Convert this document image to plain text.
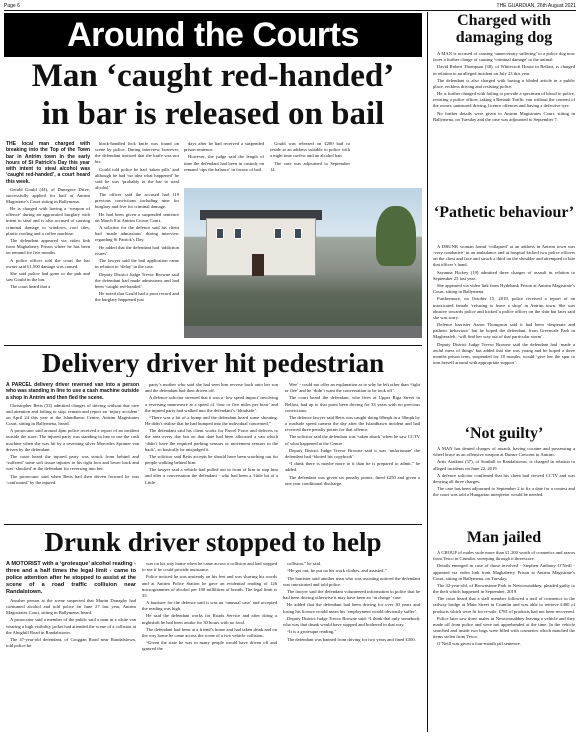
Page 6	THE GUARDIAN, 26th August 2021
Around the Courts
Man ‘caught red-handed’
in bar is released on bail
THE local man charged with breaking into the Top of the Town bar in Antrim town in the early hours of St Patrick’s Day this year with intent to steal alcohol was ‘caught red-handed’, a court heard this week.

Gerald Gould (44), of Dunegore Drive, successfully applied for bail at Antrim Magistrate’s Court sitting in Ballymena.

He is charged with having a ‘weapon of offence’ during an aggravated burglary with intent to steal and is also accused of causing criminal damage to windows, roof tiles, plastic roofing and a coffee machine.

The defendant appeared via video link from Maghaberry Prison where he has been on remand for five months.

A police officer told the court the bar owner said £1,500 damage was caused.

She said police had gone to the pub and saw Gould in the bar.

The court heard that a

black-handled lock knife was found on scene by police. During interview, however, the defendant insisted that the knife was not his.

Gould told police he had ‘taken pills’ and although he had ‘no idea what happened’ he said he was ‘probably in the bar to steal alcohol’.

The officer said the accused had 119 previous convictions including nine for burglary and five for criminal damage.

He had been given a suspended sentence on March 8 at Antrim Crown Court.

A solicitor for the defence said his client had ‘made admissions’ during interview regarding St Patrick’s Day.

He added that the defendant had ‘addiction issues’.

The lawyer said the bail application came in relation to ‘delay’ in the case.

Deputy District Judge Trevor Browne said the defendant had made admissions and had been ‘caught red-handed’.

He noted that Gould had a poor record and the burglary happened just

days after he had received a suspended prison sentence.

However, the judge said the length of time the defendant had been in custody on remand ‘tips the balance’ in favour of bail.

Gould was released on £200 bail to reside at an address suitable to police with a night time curfew and an alcohol ban.

The case was adjourned to September 14.

Delivery driver hit pedestrian
A PARCEL delivery driver reversed van into a person who was standing in line to use a cash machine outside a shop in Antrim and then fled the scene.

Christopher Betts (53) admitted charges of driving without due care and attention and failing to stop, remain and report an ‘injury accident’ on April 24 this year at the Islandbawn Centre, Antrim Magistrates Court, sitting in Ballymena, heard.

A prosecutor said around 4pm police received a report of an incident outside the store. The injured party was standing in line to use the cash machine when she was hit by a reversing silver Mercedes Sprinter van driven by the defendant.

The court heard the injured party was struck from behind and ‘suffered’ some soft tissue injuries to his right foot and lower back and was ‘shocked’ at the defendant for reversing into her.

The prosecutor said when Betts had then driven forward he was ‘confronted’ by the injured

party’s mother who said she had seen him reverse back onto her son and the defendant had then driven off.

A defence solicitor stressed that it was a ‘low speed impact’ involving a reversing manoeuvre at a speed of ‘four or five miles per hour’ and the injured party had walked into the defendant’s ‘blindside’.

“There was a bit of a bump and the defendant heard some shouting. He didn’t realise that he had bumped into the individual concerned.”

The defendant said his client works for Parcel Force and delivers to the area every day but on that date had been allocated a van which ‘didn’t have the required parking sensors or movement sensors in the back’, so basically he misjudged it.

The solicitor said Betts accepts he should have been watching out for people walking behind him.

The lawyer said a vehicle had pulled out in front of him to stop him and after a conversation the defendant - who had been a ‘little bit of a Little

Wee’ - could not offer an explanation as to why he left other than ‘fight or flee’ and he ‘didn’t want the conversation to be took off’.

The court heard the defendant, who lives at Upper Riga Street in Belfast, had up to that point been driving for 33 years with no previous convictions.

The defence lawyer said Betts was caught doing 60mph in a 30mph by a roadside speed camera the day after the Islandbawn incident and had received three penalty points for that offence.

The solicitor said the defendant was ‘taken aback’ when he saw CCTV of what happened at the Centre.

Deputy District Judge Trevor Browne said it was ‘unfortunate’ the defendant had ‘blotted his copybook’.

“I think there is maybe more to it than he is prepared to admit,” he added.

The defendant was given six penalty points, fined £250 and given a one year conditional discharge.

Drunk driver stopped to help
A MOTORIST with a ‘grotesque’ alcohol reading - three and a half times the legal limit - came to police attention after he stopped to assist at the scene of a road traffic collision near Randalstown.

Another person at the scene suspected that Martin Donaghy had consumed alcohol and told police on June 27 last year, Antrim Magistrates Court, sitting in Ballymena, heard.

A prosecutor said a member of the public said a man in a white van wearing a high visibility jacket had attended the scene of a collision at the Ahoghill Road in Randalstown.

The 47-year-old defendant, of Groggan Road near Randalstown, told police he

was on his way home when he came across a collision and had stopped to see if he could provide assistance.

Police noticed he was unsteady on his feet and was slurring his words and at Antrim Police Station he gave an evidential reading of 126 microgrammes of alcohol per 100 millilitres of breath. The legal limit is 35.

A barrister for the defence said it was an ‘unusual case’ and accepted the reading was high.

He said the defendant works for Roads Service and after doing a nightshift he had been awake for 30 hours with no food.

The defendant had been at a friend’s home and had taken drink and on the way home he came across the scene of a two vehicle collision.

“Given the state he was in many people would have driven off and ignored the

collision,” he said.

“He got out, he put on his work clothes, and assisted.”

The barrister said another man who was assisting noticed the defendant was intoxicated and told police.

The lawyer said the defendant volunteered information to police that he had been driving otherwise it may have been an ‘in charge’ case.

He added that the defendant had been driving for over 30 years and losing his licence would mean his ‘employment would obviously suffer’.

Deputy District Judge Trevor Browne said: “I think that only somebody who was that drunk would have stopped and bothered in that way.

“It is a grotesque reading.”

The defendant was banned from driving for two years and fined £300.

Charged with damaging dog

A MAN is accused of causing ‘unnecessary suffering’ to a police dog now faces a further charge of causing ‘criminal damage’ to the animal.

David Robert Thompson (38), of Whitecroft House in Belfast, is charged in relation to an alleged incident on July 23 this year.

The defendant is also charged with having a bladed article in a public place, reckless driving and resisting police.

He is further charged with failing to provide a specimen of blood to police, resisting a police officer, taking a Renault Traffic van without the consent of the owner, uninsured driving, licence offences and having a defective tyre.

No further details were given to Antrim Magistrates Court, sitting in Ballymena, on Tuesday and the case was adjourned to September 7.

‘Pathetic behaviour’

A DRUNK woman found ‘collapsed’ at an address in Antrim town was ‘very combative’ in an ambulance and at hospital kicked two police officers on the chest and face and struck a third on the shoulder and attempted to bite that officer’s hand.

Sayanna Hickey (19) admitted three charges of assault in relation to September 25 last year.

She appeared via video link from Hydebank Prison at Antrim Magistrate’s Court, sitting in Ballymena.

Furthermore, on October 15, 2019, police received a report of an intoxicated female ‘refusing to leave a shop’ in Antrim town. She was abusive towards police and kicked a police officer on the shin but later said she was sorry.

Defence barrister Aaron Thompson said it had been ‘desperate and pathetic behaviour’ but he hoped the defendant, from Greenvale Park in Magherafelt, ‘will find her way out of that particular storm’.

Deputy District Judge Trevor Browne said the defendant had ‘made a awful mess of things’ but added that she was young and he hoped a three months prison term, suspended for 18 months, would ‘give her the spur to turn herself around with appropriate support’.

‘Not guilty’

A MAN has denied charges of assault, having cocaine and possessing a wheel brace as an offensive weapon at Dunsrr Crescent in Antrim.

Artis Ataikins (37), of Southill in Randalstown, is charged in relation to alleged incidents on June 22, 2019.

A defence solicitor confirmed that his client had viewed CCTV and was denying all three charges.

The case has been adjourned to September 2 to fix a date for a contest and the court was told a Hungarian interpreter would be needed.

Man jailed

A GROUP of males stole more than £1,200 worth of cosmetics and razors from Tesco in Crumlin, sweeping through it threescore.

Details emerged in case of those involved - Stephen Anthony O’Neill - appeared via video link from Maghaberry Prison at Antrim Magistrate’s Court, sitting in Ballymena, on Tuesday.

The 32-year-old, of Brownstone Park in Newtownabbey, pleaded guilty to the theft which happened in September, 2019.

The court heard that a staff member followed a trail of cosmetics to the railway bridge at Main Street in Crumlin and was able to retrieve £400 of products which were fit for re-sale. £781 of products had not been recovered.

Police later saw three males in Newtownabbey leaving a vehicle and they made off from police and were not apprehended at the time. In the vehicle searched and inside two bags were filled with cosmetics which matched the items stolen from Tesco.

O’Neill was given a four-month jail sentence.
